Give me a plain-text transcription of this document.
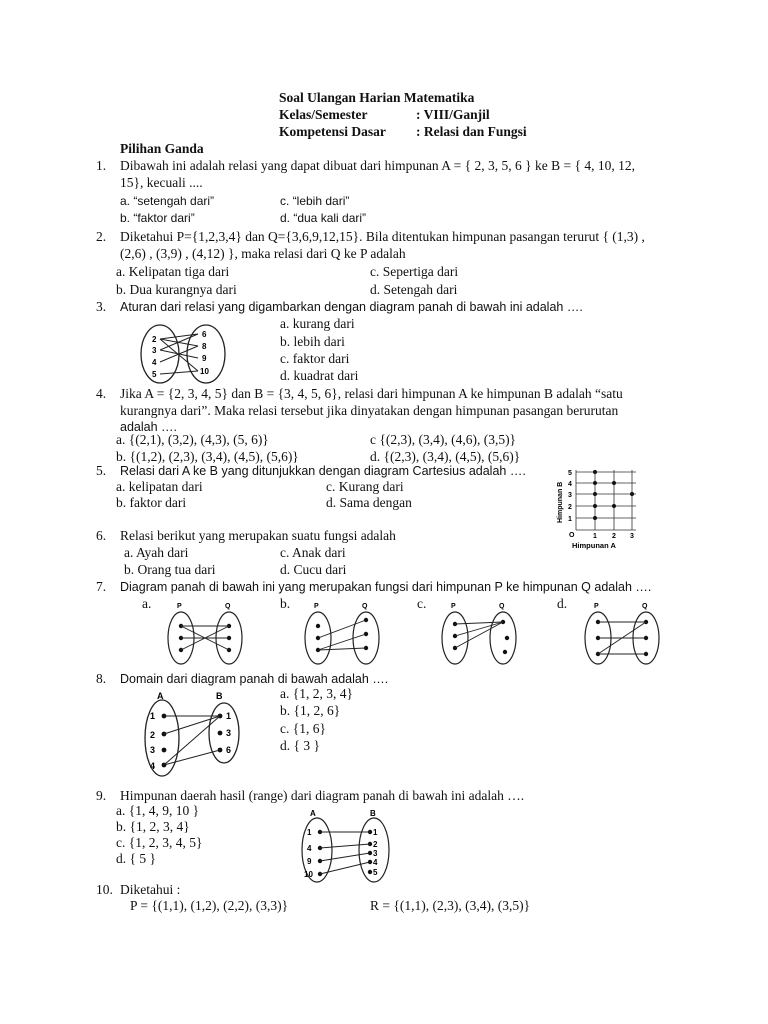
Soal Ulangan Harian Matematika
Kelas/Semester	: VIII/Ganjil
Kompetensi Dasar : Relasi dan Fungsi
Pilihan Ganda
1. Dibawah ini adalah relasi yang dapat dibuat dari himpunan A = { 2, 3, 5, 6 } ke B = { 4, 10, 12,
15}, kecuali ....
a. “setengah dari”	c. “lebih dari”
b. “faktor dari”	d. “dua kali dari”
2. Diketahui P={1,2,3,4} dan Q={3,6,9,12,15}. Bila ditentukan himpunan pasangan terurut { (1,3) ,
(2,6) , (3,9) , (4,12) }, maka relasi dari Q ke P adalah
a. Kelipatan tiga dari	c. Sepertiga dari
b. Dua kurangnya dari	d. Setengah dari
3. Aturan dari relasi yang digambarkan dengan diagram panah di bawah ini adalah ….
a. kurang dari
b. lebih dari
c. faktor dari
d. kuadrat dari
2
3
4
5
6
8
9
10
4. Jika A = {2, 3, 4, 5} dan B = {3, 4, 5, 6}, relasi dari himpunan A ke himpunan B adalah “satu
kurangnya dari”. Maka relasi tersebut jika dinyatakan dengan himpunan pasangan berurutan
adalah ….
a. {(2,1), (3,2), (4,3), (5, 6)}	c {(2,3), (3,4), (4,6), (3,5)}
b. {(1,2), (2,3), (3,4), (4,5), (5,6)}	d. {(2,3), (3,4), (4,5), (5,6)}
5. Relasi dari A ke B yang ditunjukkan dengan diagram Cartesius adalah ….
a. kelipatan dari	c. Kurang dari
b. faktor dari	d. Sama dengan	Himpunan B
5
4
3
2
1
O	1 2 3
Himpunan A
6. Relasi berikut yang merupakan suatu fungsi adalah
a. Ayah dari	c. Anak dari
b. Orang tua dari	d. Cucu dari
7. Diagram panah di bawah ini yang merupakan fungsi dari himpunan P ke himpunan Q adalah ….
a.	b.	c.	d.
P	Q	P	Q	P	Q	P	Q
8. Domain dari diagram panah di bawah adalah ….
a. {1, 2, 3, 4}
b. {1, 2, 6}
c. {1, 6}
d. { 3 }
A	B
1
2
3
4
1
3
6
9. Himpunan daerah hasil (range) dari diagram panah di bawah ini adalah ….
a. {1, 4, 9, 10 }
b. {1, 2, 3, 4}
c. {1, 2, 3, 4, 5}
d. { 5 }
A	B
1
4
9
10
1
2
3
4
5
10. Diketahui :
P = {(1,1), (1,2), (2,2), (3,3)}	R = {(1,1), (2,3), (3,4), (3,5)}
